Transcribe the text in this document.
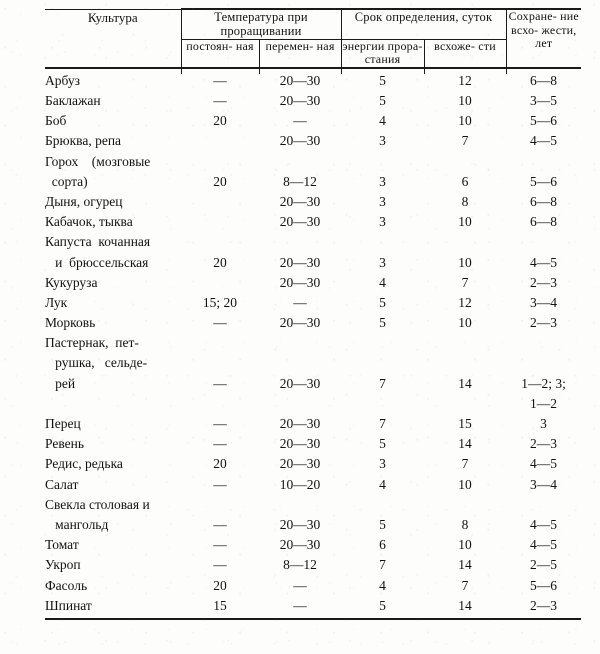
Культура	Температура при проращивании		Срок определения, суток		Сохране- ние всхо- жести, лет
	постоян- ная	перемен- ная	энергии прора- стания	всхоже- сти	

Арбуз	—	20—30	5	12	6—8
Баклажан	—	20—30	5	10	3—5
Боб	20	—	4	10	5—6
Брюква, репа		20—30	3	7	4—5
Горох    (мозговые					
сорта)	20	8—12	3	6	5—6
Дыня, огурец		20—30	3	8	6—8
Кабачок, тыква		20—30	3	10	6—8
Капуста  кочанная					
и  брюссельская	20	20—30	3	10	4—5
Кукуруза		20—30	4	7	2—3
Лук	15; 20	—	5	12	3—4
Морковь	—	20—30	5	10	2—3
Пастернак,  пет-					
рушка,   сельде-					
рей	—	20—30	7	14	1—2; 3;
					1—2
Перец	—	20—30	7	15	3
Ревень	—	20—30	5	14	2—3
Редис, редька	20	20—30	3	7	4—5
Салат	—	10—20	4	10	3—4
Свекла столовая и					
мангольд	—	20—30	5	8	4—5
Томат	—	20—30	6	10	4—5
Укроп	—	8—12	7	14	2—5
Фасоль	20	—	4	7	5—6
Шпинат	15	—	5	14	2—3
